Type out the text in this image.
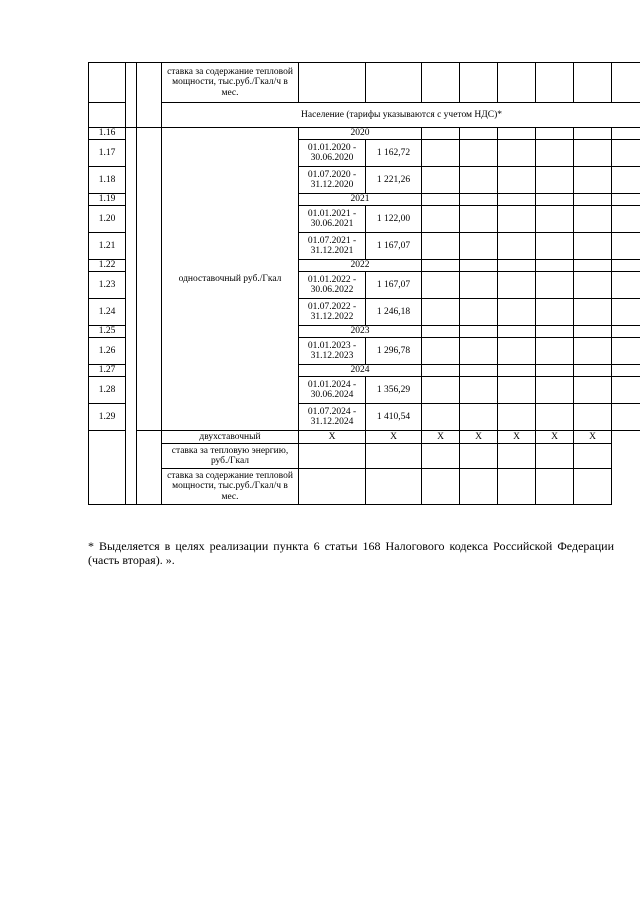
			ставка за содержание тепловой мощности, тыс.руб./Гкал/ч в мес.								
			Население (тарифы указываются с учетом НДС)*								
1.16			одноставочный руб./Гкал	2020							
1.17				01.01.2020 - 30.06.2020	1 162,72						
1.18				01.07.2020 - 31.12.2020	1 221,26						
1.19				2021							
1.20				01.01.2021 - 30.06.2021	1 122,00						
1.21				01.07.2021 - 31.12.2021	1 167,07						
1.22				2022							
1.23				01.01.2022 - 30.06.2022	1 167,07						
1.24				01.07.2022 - 31.12.2022	1 246,18						
1.25				2023							
1.26				01.01.2023 - 31.12.2023	1 296,78						
1.27				2024							
1.28				01.01.2024 - 30.06.2024	1 356,29						
1.29				01.07.2024 - 31.12.2024	1 410,54						
			двухставочный	X	X	X	X	X	X	X	
			ставка за тепловую энергию, руб./Гкал								
			ставка за содержание тепловой мощности, тыс.руб./Гкал/ч в мес.								
* Выделяется в целях реализации пункта 6 статьи 168 Налогового кодекса Российской Федерации (часть вторая). ».
